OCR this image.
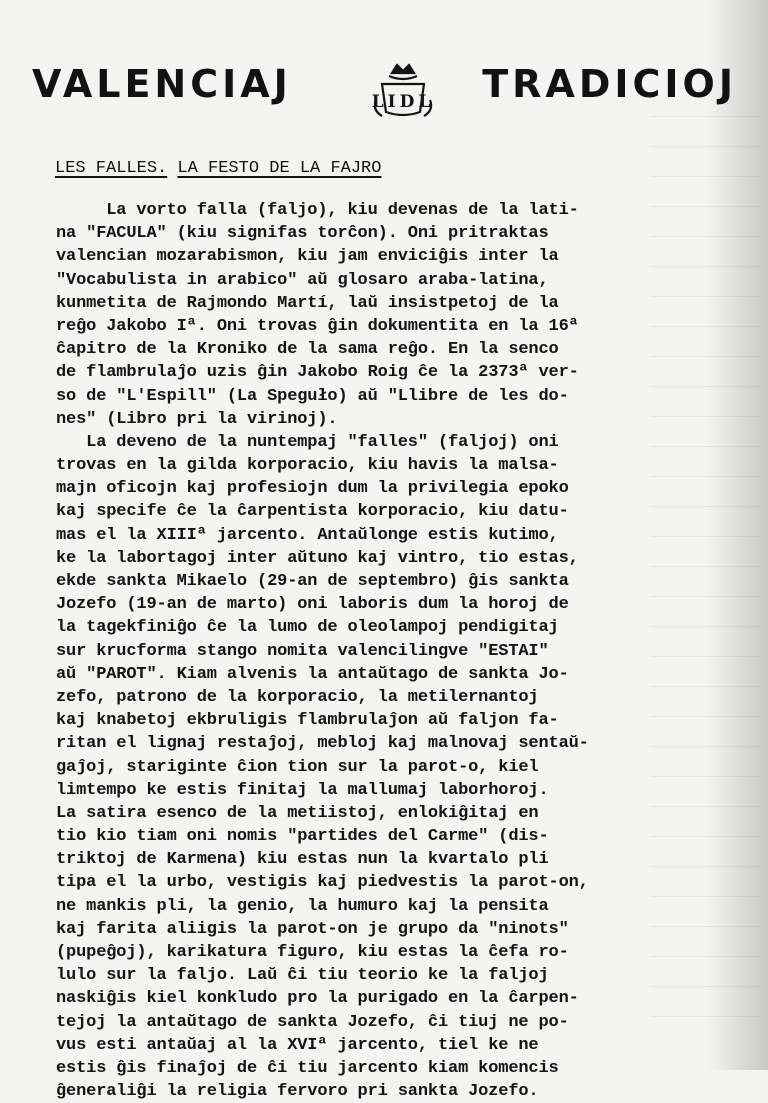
VALENCIAJ	LIDL TRADICIOJ
LES FALLES. LA FESTO DE LA FAJRO
La vorto falla (faljo), kiu devenas de la lati-
na "FACULA" (kiu signifas torĉon). Oni pritraktas
valencian mozarabismon, kiu jam enviciĝis inter la
"Vocabulista in arabico" aŭ glosaro araba-latina,
kunmetita de Rajmondo Martí, laŭ insistpetoj de la
reĝo Jakobo Iª. Oni trovas ĝin dokumentita en la 16ª
ĉapitro de la Kroniko de la sama reĝo. En la senco
de flambrulaĵo uzis ĝin Jakobo Roig ĉe la 2373ª ver-
so de "L'Espill" (La Speguło) aŭ "Llibre de les do-
nes" (Libro pri la virinoj).
La deveno de la nuntempaj "falles" (faljoj) oni
trovas en la gilda korporacio, kiu havis la malsa-
majn oficojn kaj profesiojn dum la privilegia epoko
kaj specife ĉe la ĉarpentista korporacio, kiu datu-
mas el la XIIIª jarcento. Antaŭlonge estis kutimo,
ke la labortagoj inter aŭtuno kaj vintro, tio estas,
ekde sankta Mikaelo (29-an de septembro) ĝis sankta
Jozefo (19-an de marto) oni laboris dum la horoj de
la tagekfiniĝo ĉe la lumo de oleolampoj pendigitaj
sur krucforma stango nomita valencilingve "ESTAI"
aŭ "PAROT". Kiam alvenis la antaŭtago de sankta Jo-
zefo, patrono de la korporacio, la metilernantoj
kaj knabetoj ekbruligis flambrulaĵon aŭ faljon fa-
ritan el lignaj restaĵoj, mebloj kaj malnovaj sentaŭ-
gaĵoj, stariginte ĉion tion sur la parot-o, kiel
limtempo ke estis finitaj la mallumaj laborhoroj.
La satira esenco de la metiistoj, enlokiĝitaj en
tio kio tiam oni nomis "partides del Carme" (dis-
triktoj de Karmena) kiu estas nun la kvartalo pli
tipa el la urbo, vestigis kaj piedvestis la parot-on,
ne mankis pli, la genio, la humuro kaj la pensita
kaj farita aliigis la parot-on je grupo da "ninots"
(pupeĝoj), karikatura figuro, kiu estas la ĉefa ro-
lulo sur la faljo. Laŭ ĉi tiu teorio ke la faljoj
naskiĝis kiel konkludo pro la purigado en la ĉarpen-
tejoj la antaŭtago de sankta Jozefo, ĉi tiuj ne po-
vus esti antaŭaj al la XVIª jarcento, tiel ke ne
estis ĝis finaĵoj de ĉi tiu jarcento kiam komencis
ĝeneraliĝi la religia fervoro pri sankta Jozefo.
